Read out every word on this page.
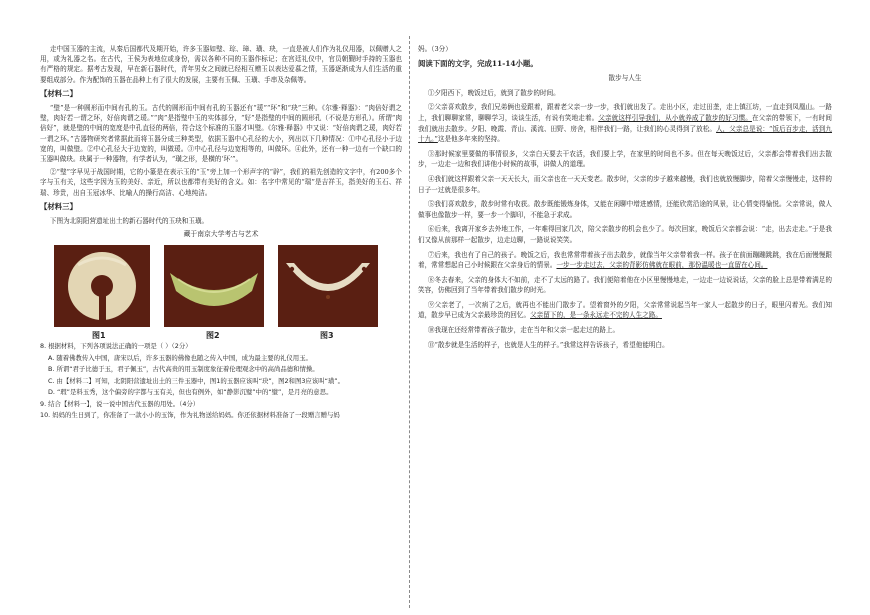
走中国玉器的主流，从秦后国都代及期开始，许多玉器如璧、琮、璋、璜、玦，一直是被人们作为礼仪用器，以佩赠人之用，或为礼器之名。在古代，王侯为表地位或身份，需以各种不同的玉器作标记；在宫廷礼仪中，官员朝觐时手持的玉器也有严格的规定。据考古发现，早在新石器时代，青年男女之间就已经相互赠玉以表达爱慕之情，玉器逐渐成为人们生活的重要组成部分。作为配饰的玉器在品种上有了很大的发展，主要有玉佩、玉璜、手串及杂佩等。

【材料二】

“璧”是一种圆形而中间有孔的玉。古代的圆形而中间有孔的玉器还有“瑗”“环”和“玦”三种。《尔雅·释器》：“肉倍好谓之璧，肉好若一谓之环，好倍肉谓之瑗。”“肉”是指璧中玉的实体部分，“好”是指璧的中间的圆形孔（不说是方形孔）。所谓“肉倍好”，就是璧的中间的宽度是中孔直径的两倍，符合这个标准的玉器才叫璧。《尔雅·释器》中又说：“好倍肉谓之瑗，肉好若一谓之环。”古器物研究者常据此而将玉器分成三种类型，依据玉器中心孔径的大小，列出以下几种情况：①中心孔径小于边宽的，叫做璧。②中心孔径大于边宽的，叫做瑗。③中心孔径与边宽相等的，叫做环。④此外，还有一种一边有一个缺口的玉器叫做玦。玦属于一种器物，有学者认为，“璜之形，是横的‘环’”。

②“璧”字早见于战国时期，它的小篆是在表示玉的“玉”旁上加一个形声字的“辟”，我们的祖先创造的文字中，有200多个字与玉有关，这些字因为玉的美好、亲近，所以也都带有美好的含义。如：名字中常见的“瑞”是吉祥玉，指美好的玉石、祥瑞、珍贵，出自玉冠冰华、比喻人的操行高洁、心地纯洁。

【材料三】

下图为北阴阳营遗址出土的新石器时代的玉玦和玉璜。

藏于南京大学考古与艺术

图1	图2	图3

8. 根据材料，下列各项说法正确的一项是（ ）（2分）

A. 随着佛教传入中国，唐宋以后，许多玉器的佛像也随之传入中国，成为最主要的礼仪用玉。

B. 所谓“君子比德于玉，君子佩玉”，古代高贵的用玉制度象征着伦理观念中的高尚品德和情操。

C. 由【材料二】可知，北阴阳营遗址出土的三件玉器中，图1的玉器应该叫“玦”，图2和图3应该叫“璜”。

D. “瑕”是料玉秀，这个偏旁的字都与玉有关，但也有例外，如“静影沉璧”中的“璧”，是月亮的意思。

9. 结合【材料一】，说一说中国古代玉器的用处。（4分）

10. 妈妈的生日到了，你准备了一款小小的玉饰，作为礼物送给妈妈。你还依据材料准备了一段赠言赠与妈

妈。（3分）

阅读下面的文字，完成11-14小题。

散步与人生

①夕阳西下，晚饭过后，就到了散步的时间。

②父亲喜欢散步，我们兄弟俩也爱跟着，跟着老父亲一步一步，我们就出发了。走出小区，走过田垄，走上镇江坊，一直走到凤凰山。一路上，我们聊聊家常，聊聊学习，谈谈生活，有说有笑地走着。父亲就这样引导我们，从小就养成了散步的好习惯。在父亲的带领下，一有时间我们就出去散步。夕阳、晚霞、青山、溪流、田野、房舍，相伴我们一路，让我们的心灵得到了放松。人，父亲总是说：“饭后百步走，活到九十九。”这是他多年来的坚持。

③那时候家里要做的事情很多，父亲白天要去干农活，我们要上学，在家里的时间也不多。但在每天晚饭过后，父亲都会带着我们出去散步，一边走一边和我们讲他小时候的故事，讲做人的道理。

④我们就这样跟着父亲一天天长大，而父亲也在一天天变老。散步时，父亲的步子越来越慢，我们也就放慢脚步，陪着父亲慢慢走，这样的日子一过就是很多年。

⑤我们喜欢散步，散步时常有收获。散步既能锻炼身体，又能在闲聊中增进感情，还能欣赏沿途的风景，让心情变得愉悦。父亲常说，做人做事也像散步一样，要一步一个脚印，不能急于求成。

⑥后来，我离开家乡去外地工作，一年难得回家几次，陪父亲散步的机会也少了。每次回家，晚饭后父亲都会说：“走，出去走走。”于是我们又像从前那样一起散步，边走边聊，一路说说笑笑。

⑦后来，我也有了自己的孩子。晚饭之后，我也常常带着孩子出去散步，就像当年父亲带着我一样。孩子在前面蹦蹦跳跳，我在后面慢慢跟着，常常想起自己小时候跟在父亲身后的情景。一步一步走过去，父亲的背影仿佛就在眼前，那份温暖也一直留在心间。

⑧冬去春来，父亲的身体大不如前，走不了太远的路了。我们便陪着他在小区里慢慢地走，一边走一边说说话，父亲的脸上总是带着满足的笑容，仿佛回到了当年带着我们散步的时光。

⑨父亲老了，一次病了之后，就再也不能出门散步了。望着窗外的夕阳，父亲常常说起当年一家人一起散步的日子，眼里闪着光。我们知道，散步早已成为父亲最珍贵的回忆。父亲留下的，是一条永远走不完的人生之路。

⑩我现在还经常带着孩子散步，走在当年和父亲一起走过的路上。

⑪“散步就是生活的样子，也就是人生的样子。”我常这样告诉孩子，希望他能明白。
